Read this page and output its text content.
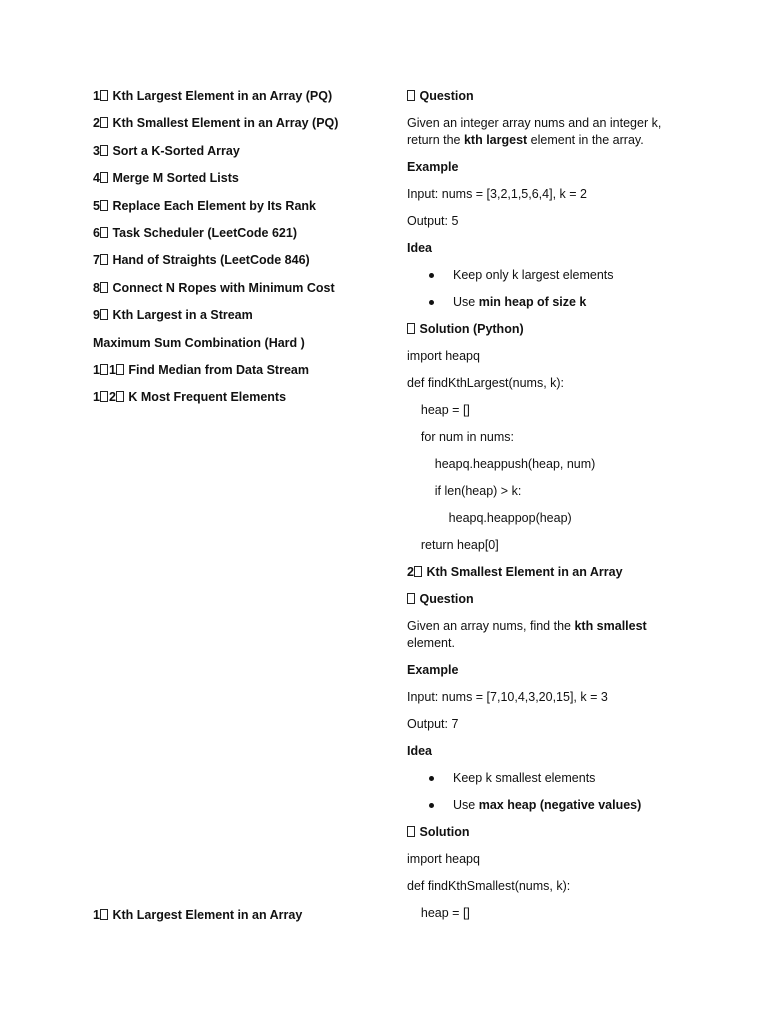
1 Kth Largest Element in an Array (PQ)
2 Kth Smallest Element in an Array (PQ)
3 Sort a K-Sorted Array
4 Merge M Sorted Lists
5 Replace Each Element by Its Rank
6 Task Scheduler (LeetCode 621)
7 Hand of Straights (LeetCode 846)
8 Connect N Ropes with Minimum Cost
9 Kth Largest in a Stream
Maximum Sum Combination (Hard )
1 1 Find Median from Data Stream
1 2 K Most Frequent Elements
1 Kth Largest Element in an Array

Question

Given an integer array nums and an integer k, return the kth largest element in the array.

Example

Input: nums = [3,2,1,5,6,4], k = 2

Output: 5

Idea

Keep only k largest elements

Use min heap of size k

Solution (Python)

import heapq

def findKthLargest(nums, k):

heap = []

for num in nums:

heapq.heappush(heap, num)

if len(heap) > k:

heapq.heappop(heap)

return heap[0]

2 Kth Smallest Element in an Array

Question

Given an array nums, find the kth smallest element.

Example

Input: nums = [7,10,4,3,20,15], k = 3

Output: 7

Idea

Keep k smallest elements

Use max heap (negative values)

Solution

import heapq

def findKthSmallest(nums, k):

heap = []
